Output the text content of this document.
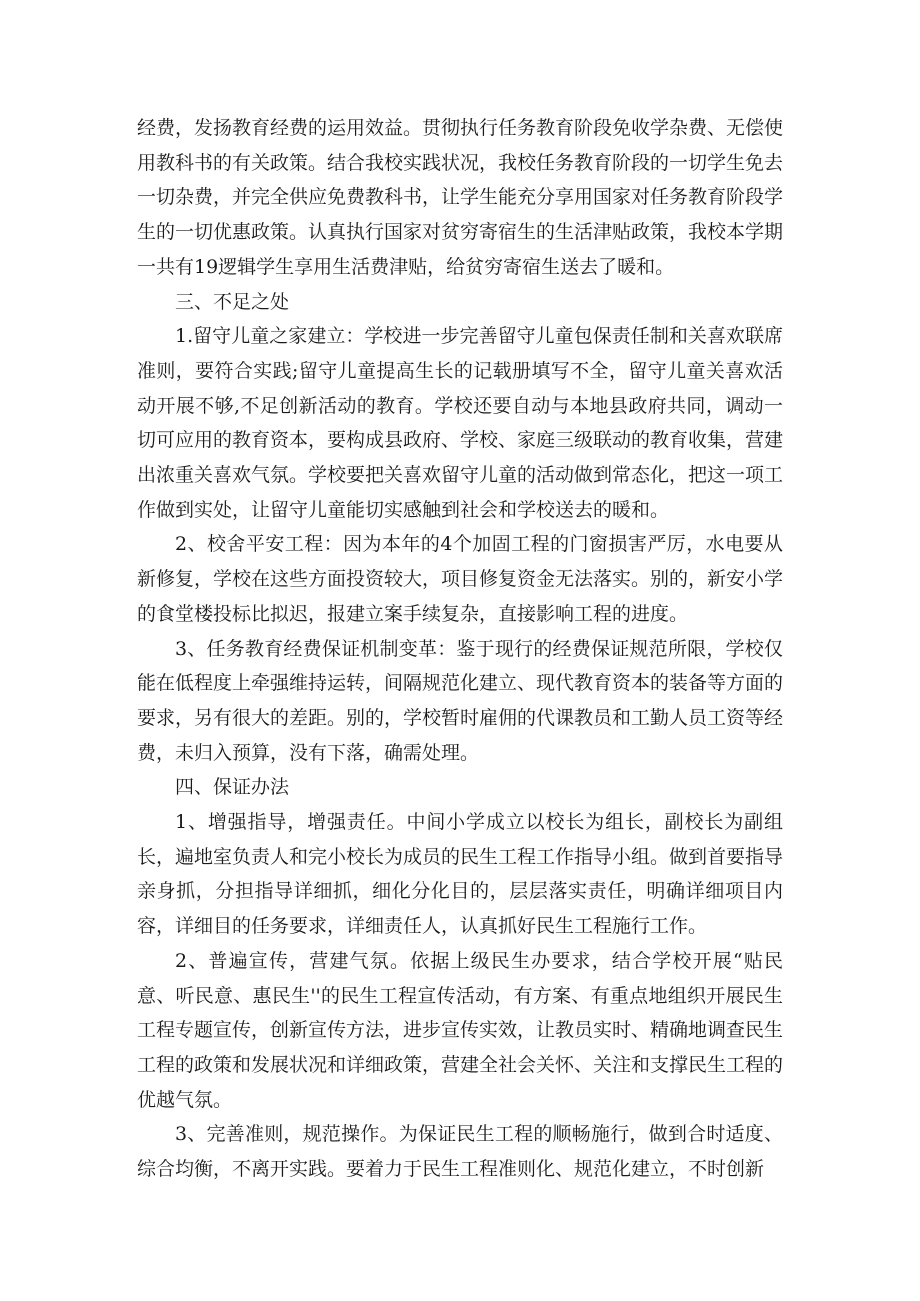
经费，发扬教育经费的运用效益。贯彻执行任务教育阶段免收学杂费、无偿使用教科书的有关政策。结合我校实践状况，我校任务教育阶段的一切学生免去一切杂费，并完全供应免费教科书，让学生能充分享用国家对任务教育阶段学生的一切优惠政策。认真执行国家对贫穷寄宿生的生活津贴政策，我校本学期一共有19逻辑学生享用生活费津贴，给贫穷寄宿生送去了暖和。

三、不足之处

1.留守儿童之家建立：学校进一步完善留守儿童包保责任制和关喜欢联席准则，要符合实践;留守儿童提高生长的记载册填写不全，留守儿童关喜欢活动开展不够,不足创新活动的教育。学校还要自动与本地县政府共同，调动一切可应用的教育资本，要构成县政府、学校、家庭三级联动的教育收集，营建出浓重关喜欢气氛。学校要把关喜欢留守儿童的活动做到常态化，把这一项工作做到实处，让留守儿童能切实感触到社会和学校送去的暖和。

2、校舍平安工程：因为本年的4个加固工程的门窗损害严厉，水电要从新修复，学校在这些方面投资较大，项目修复资金无法落实。别的，新安小学的食堂楼投标比拟迟，报建立案手续复杂，直接影响工程的进度。

3、任务教育经费保证机制变革：鉴于现行的经费保证规范所限，学校仅能在低程度上牵强维持运转，间隔规范化建立、现代教育资本的装备等方面的要求，另有很大的差距。别的，学校暂时雇佣的代课教员和工勤人员工资等经费，未归入预算，没有下落，确需处理。

四、保证办法

1、增强指导，增强责任。中间小学成立以校长为组长，副校长为副组长，遍地室负责人和完小校长为成员的民生工程工作指导小组。做到首要指导亲身抓，分担指导详细抓，细化分化目的，层层落实责任，明确详细项目内容，详细目的任务要求，详细责任人，认真抓好民生工程施行工作。

2、普遍宣传，营建气氛。依据上级民生办要求，结合学校开展“贴民意、听民意、惠民生''的民生工程宣传活动，有方案、有重点地组织开展民生工程专题宣传，创新宣传方法，进步宣传实效，让教员实时、精确地调查民生工程的政策和发展状况和详细政策，营建全社会关怀、关注和支撑民生工程的优越气氛。

3、完善准则，规范操作。为保证民生工程的顺畅施行，做到合时适度、综合均衡，不离开实践。要着力于民生工程准则化、规范化建立，不时创新
